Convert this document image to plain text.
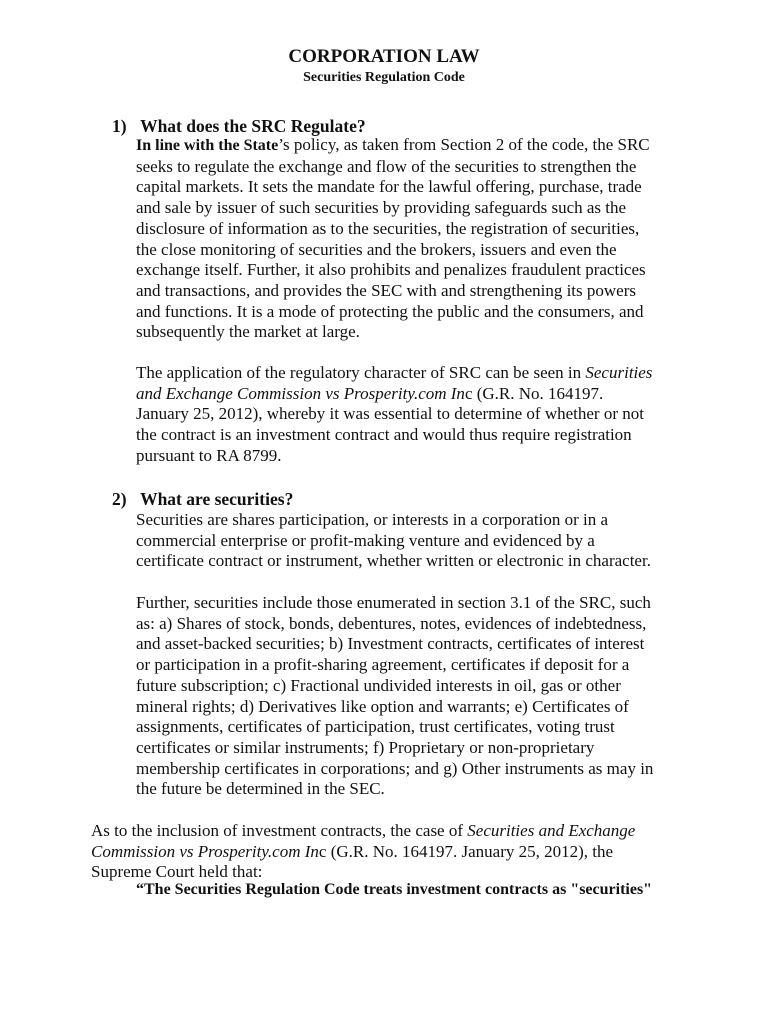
CORPORATION LAW
Securities Regulation Code
1) What does the SRC Regulate?
In line with the State’s policy, as taken from Section 2 of the code, the SRC
seeks to regulate the exchange and flow of the securities to strengthen the
capital markets. It sets the mandate for the lawful offering, purchase, trade
and sale by issuer of such securities by providing safeguards such as the
disclosure of information as to the securities, the registration of securities,
the close monitoring of securities and the brokers, issuers and even the
exchange itself. Further, it also prohibits and penalizes fraudulent practices
and transactions, and provides the SEC with and strengthening its powers
and functions. It is a mode of protecting the public and the consumers, and
subsequently the market at large.
The application of the regulatory character of SRC can be seen in Securities
and Exchange Commission vs Prosperity.com Inc (G.R. No. 164197.
January 25, 2012), whereby it was essential to determine of whether or not
the contract is an investment contract and would thus require registration
pursuant to RA 8799.
2) What are securities?
Securities are shares participation, or interests in a corporation or in a
commercial enterprise or profit-making venture and evidenced by a
certificate contract or instrument, whether written or electronic in character.
Further, securities include those enumerated in section 3.1 of the SRC, such
as: a) Shares of stock, bonds, debentures, notes, evidences of indebtedness,
and asset-backed securities; b) Investment contracts, certificates of interest
or participation in a profit-sharing agreement, certificates if deposit for a
future subscription; c) Fractional undivided interests in oil, gas or other
mineral rights; d) Derivatives like option and warrants; e) Certificates of
assignments, certificates of participation, trust certificates, voting trust
certificates or similar instruments; f) Proprietary or non-proprietary
membership certificates in corporations; and g) Other instruments as may in
the future be determined in the SEC.
As to the inclusion of investment contracts, the case of Securities and Exchange
Commission vs Prosperity.com Inc (G.R. No. 164197. January 25, 2012), the
Supreme Court held that:
“The Securities Regulation Code treats investment contracts as "securities"
